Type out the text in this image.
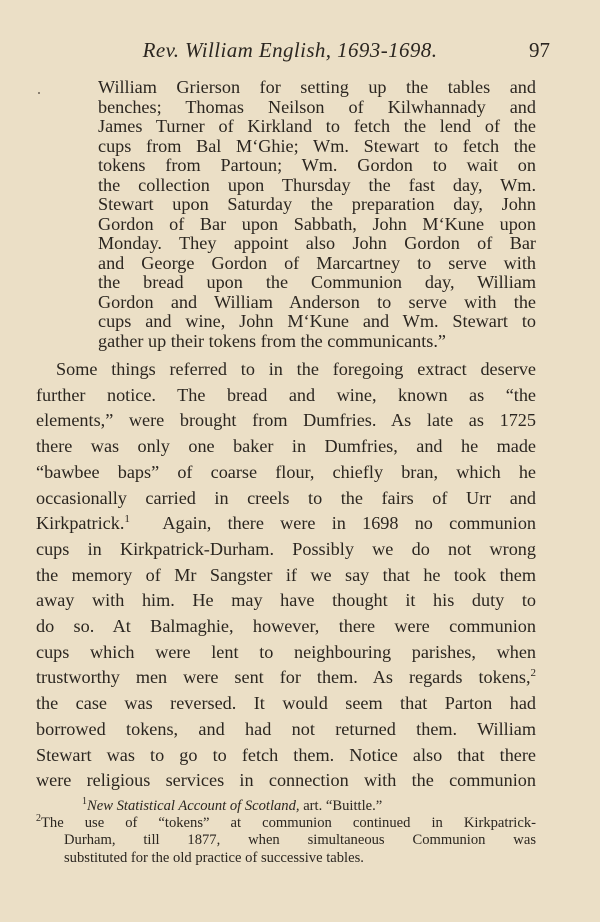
Rev. William English, 1693-1698.	97
William Grierson for setting up the tables and
benches; Thomas Neilson of Kilwhannady and
James Turner of Kirkland to fetch the lend of the
cups from Bal M‘Ghie; Wm. Stewart to fetch the
tokens from Partoun; Wm. Gordon to wait on
the collection upon Thursday the fast day, Wm.
Stewart upon Saturday the preparation day, John
Gordon of Bar upon Sabbath, John M‘Kune upon
Monday. They appoint also John Gordon of Bar
and George Gordon of Marcartney to serve with
the bread upon the Communion day, William
Gordon and William Anderson to serve with the
cups and wine, John M‘Kune and Wm. Stewart to
gather up their tokens from the communicants.”
Some things referred to in the foregoing extract deserve
further notice. The bread and wine, known as “the
elements,” were brought from Dumfries. As late as 1725
there was only one baker in Dumfries, and he made
“bawbee baps” of coarse flour, chiefly bran, which he
occasionally carried in creels to the fairs of Urr and
Kirkpatrick.$^1$ Again, there were in 1698 no communion
cups in Kirkpatrick-Durham. Possibly we do not wrong
the memory of Mr Sangster if we say that he took them
away with him. He may have thought it his duty to
do so. At Balmaghie, however, there were communion
cups which were lent to neighbouring parishes, when
trustworthy men were sent for them. As regards tokens,$^2$
the case was reversed. It would seem that Parton had
borrowed tokens, and had not returned them. William
Stewart was to go to fetch them. Notice also that there
were religious services in connection with the communion
$^1$New Statistical Account of Scotland, art. “Buittle.”
$^2$The use of “tokens” at communion continued in Kirkpatrick-
Durham, till 1877, when simultaneous Communion was
substituted for the old practice of successive tables.
